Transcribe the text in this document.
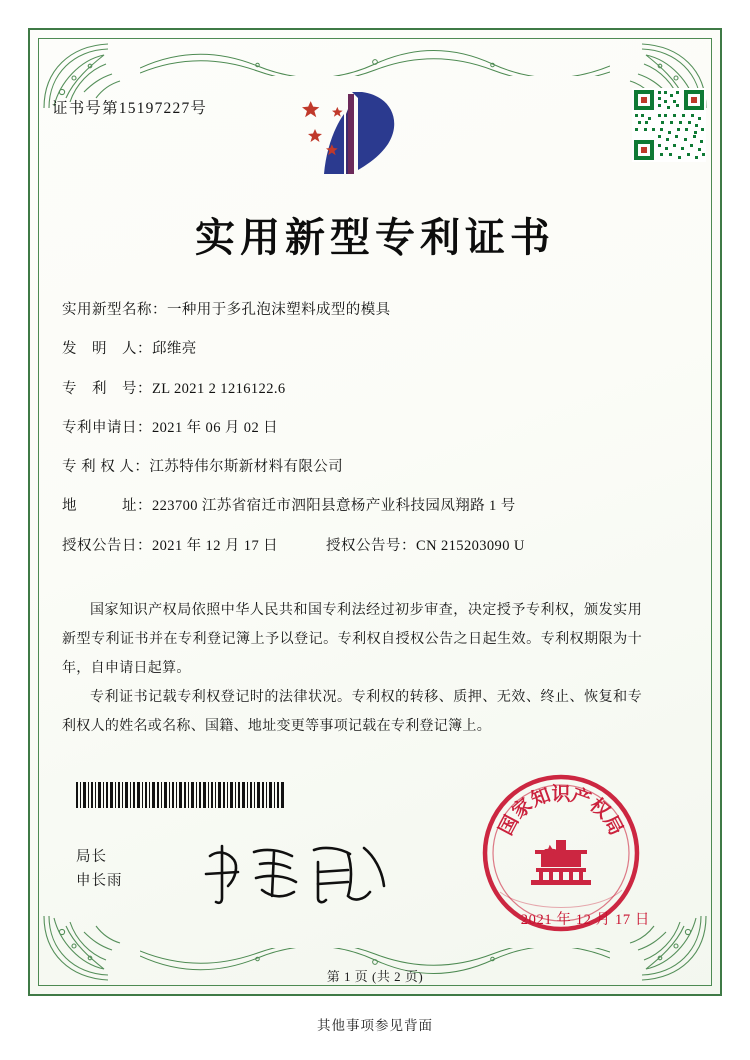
证书号第15197227号
实用新型专利证书
实用新型名称： 一种用于多孔泡沫塑料成型的模具
发　明　人： 邱维亮
专　利　号： ZL 2021 2 1216122.6
专利申请日： 2021 年 06 月 02 日
专 利 权 人： 江苏特伟尔斯新材料有限公司
地　　　址： 223700 江苏省宿迁市泗阳县意杨产业科技园凤翔路 1 号
授权公告日： 2021 年 12 月 17 日	授权公告号： CN 215203090 U

国家知识产权局依照中华人民共和国专利法经过初步审查，决定授予专利权，颁发实用新型专利证书并在专利登记簿上予以登记。专利权自授权公告之日起生效。专利权期限为十年，自申请日起算。

专利证书记载专利权登记时的法律状况。专利权的转移、质押、无效、终止、恢复和专利权人的姓名或名称、国籍、地址变更等事项记载在专利登记簿上。

局长
申长雨
国
家
知
识
产
权
局
2021 年 12 月 17 日
第 1 页 (共 2 页)
其他事项参见背面
